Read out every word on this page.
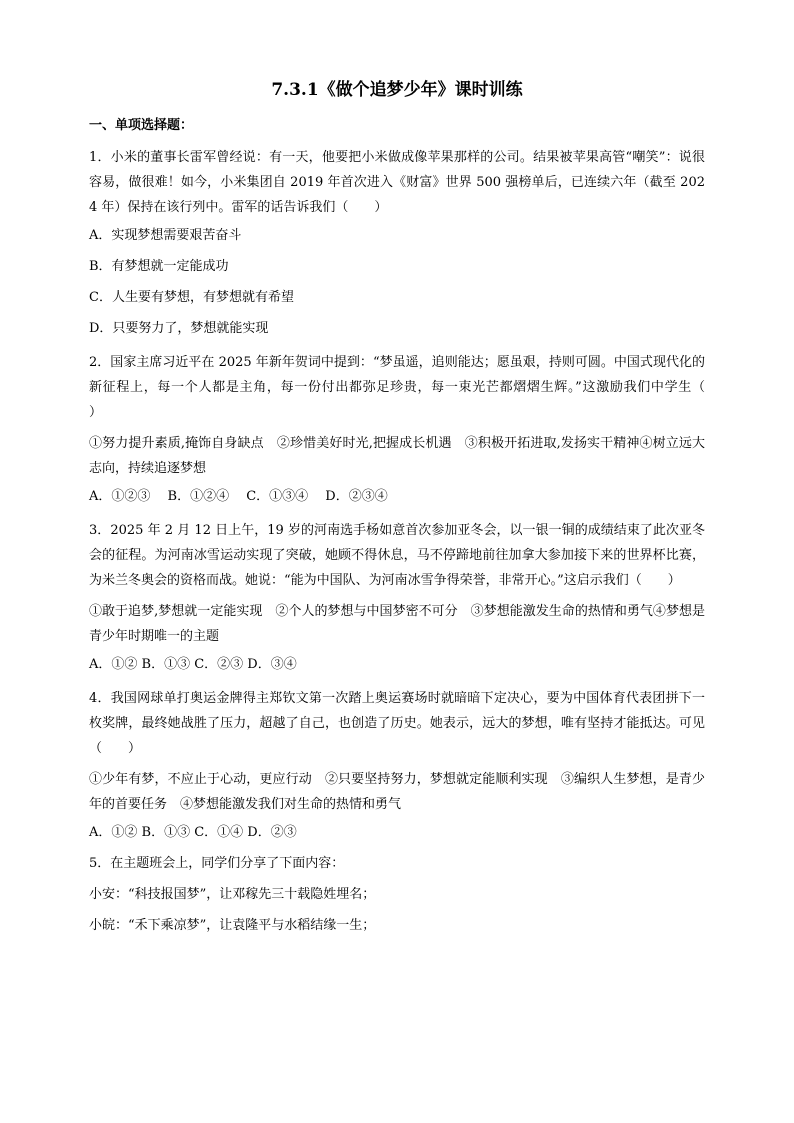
7.3.1《做个追梦少年》课时训练
一、单项选择题：
1．小米的董事长雷军曾经说：有一天，他要把小米做成像苹果那样的公司。结果被苹果高管“嘲笑”：说很容易，做很难！如今，小米集团自 2019 年首次进入《财富》世界 500 强榜单后，已连续六年（截至 2024 年）保持在该行列中。雷军的话告诉我们（　　）
A．实现梦想需要艰苦奋斗
B．有梦想就一定能成功
C．人生要有梦想，有梦想就有希望
D．只要努力了，梦想就能实现
2．国家主席习近平在 2025 年新年贺词中提到：“梦虽遥，追则能达；愿虽艰，持则可圆。中国式现代化的新征程上，每一个人都是主角，每一份付出都弥足珍贵，每一束光芒都熠熠生辉。”这激励我们中学生（　　）
①努力提升素质,掩饰自身缺点　②珍惜美好时光,把握成长机遇　③积极开拓进取,发扬实干精神④树立远大志向，持续追逐梦想
A．①②③　 B．①②④　 C．①③④　 D．②③④
3．2025 年 2 月 12 日上午，19 岁的河南选手杨如意首次参加亚冬会，以一银一铜的成绩结束了此次亚冬会的征程。为河南冰雪运动实现了突破，她顾不得休息，马不停蹄地前往加拿大参加接下来的世界杯比赛，为米兰冬奥会的资格而战。她说：“能为中国队、为河南冰雪争得荣誉，非常开心。”这启示我们（　　）
①敢于追梦,梦想就一定能实现　②个人的梦想与中国梦密不可分　③梦想能激发生命的热情和勇气④梦想是青少年时期唯一的主题
A．①② B．①③ C．②③ D．③④
4．我国网球单打奥运金牌得主郑钦文第一次踏上奥运赛场时就暗暗下定决心，要为中国体育代表团拼下一枚奖牌，最终她战胜了压力，超越了自己，也创造了历史。她表示，远大的梦想，唯有坚持才能抵达。可见（　　）
①少年有梦，不应止于心动，更应行动　②只要坚持努力，梦想就定能顺利实现　③编织人生梦想，是青少年的首要任务　④梦想能激发我们对生命的热情和勇气
A．①② B．①③ C．①④ D．②③
5．在主题班会上，同学们分享了下面内容：
小安：“科技报国梦”，让邓稼先三十载隐姓埋名；
小皖：“禾下乘凉梦”，让袁隆平与水稻结缘一生；
